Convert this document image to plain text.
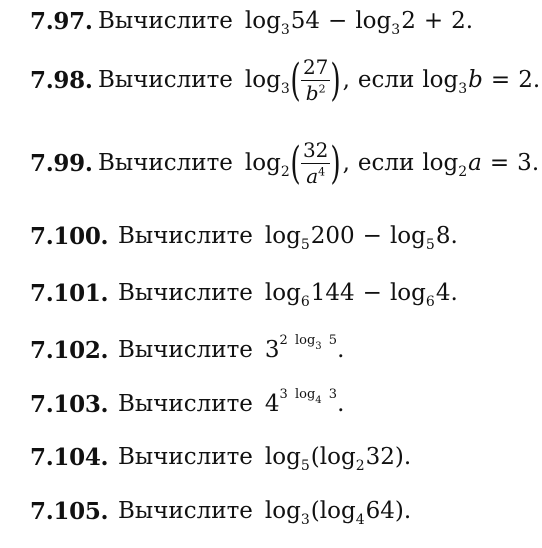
7.97. Вычислите log 3 54 − log 3 2 + 2 .
7.98. Вычислите log 3 ( $\frac{27}{b^2}$ ) , если log 3 b = 2 .
7.99. Вычислите log 2 ( $\frac{32}{a^4}$ ) , если log 2 a = 3 .
7.100. Вычислите log 5 200 − log 5 8 .
7.101. Вычислите log 6 144 − log 6 4 .
7.102. Вычислите 3 2 $\log_3 5$ .
7.103. Вычислите 4 3 $\log_4 3$ .
7.104. Вычислите log 5 ( log 2 32 ) .
7.105. Вычислите log 3 ( log 4 64 ) .
